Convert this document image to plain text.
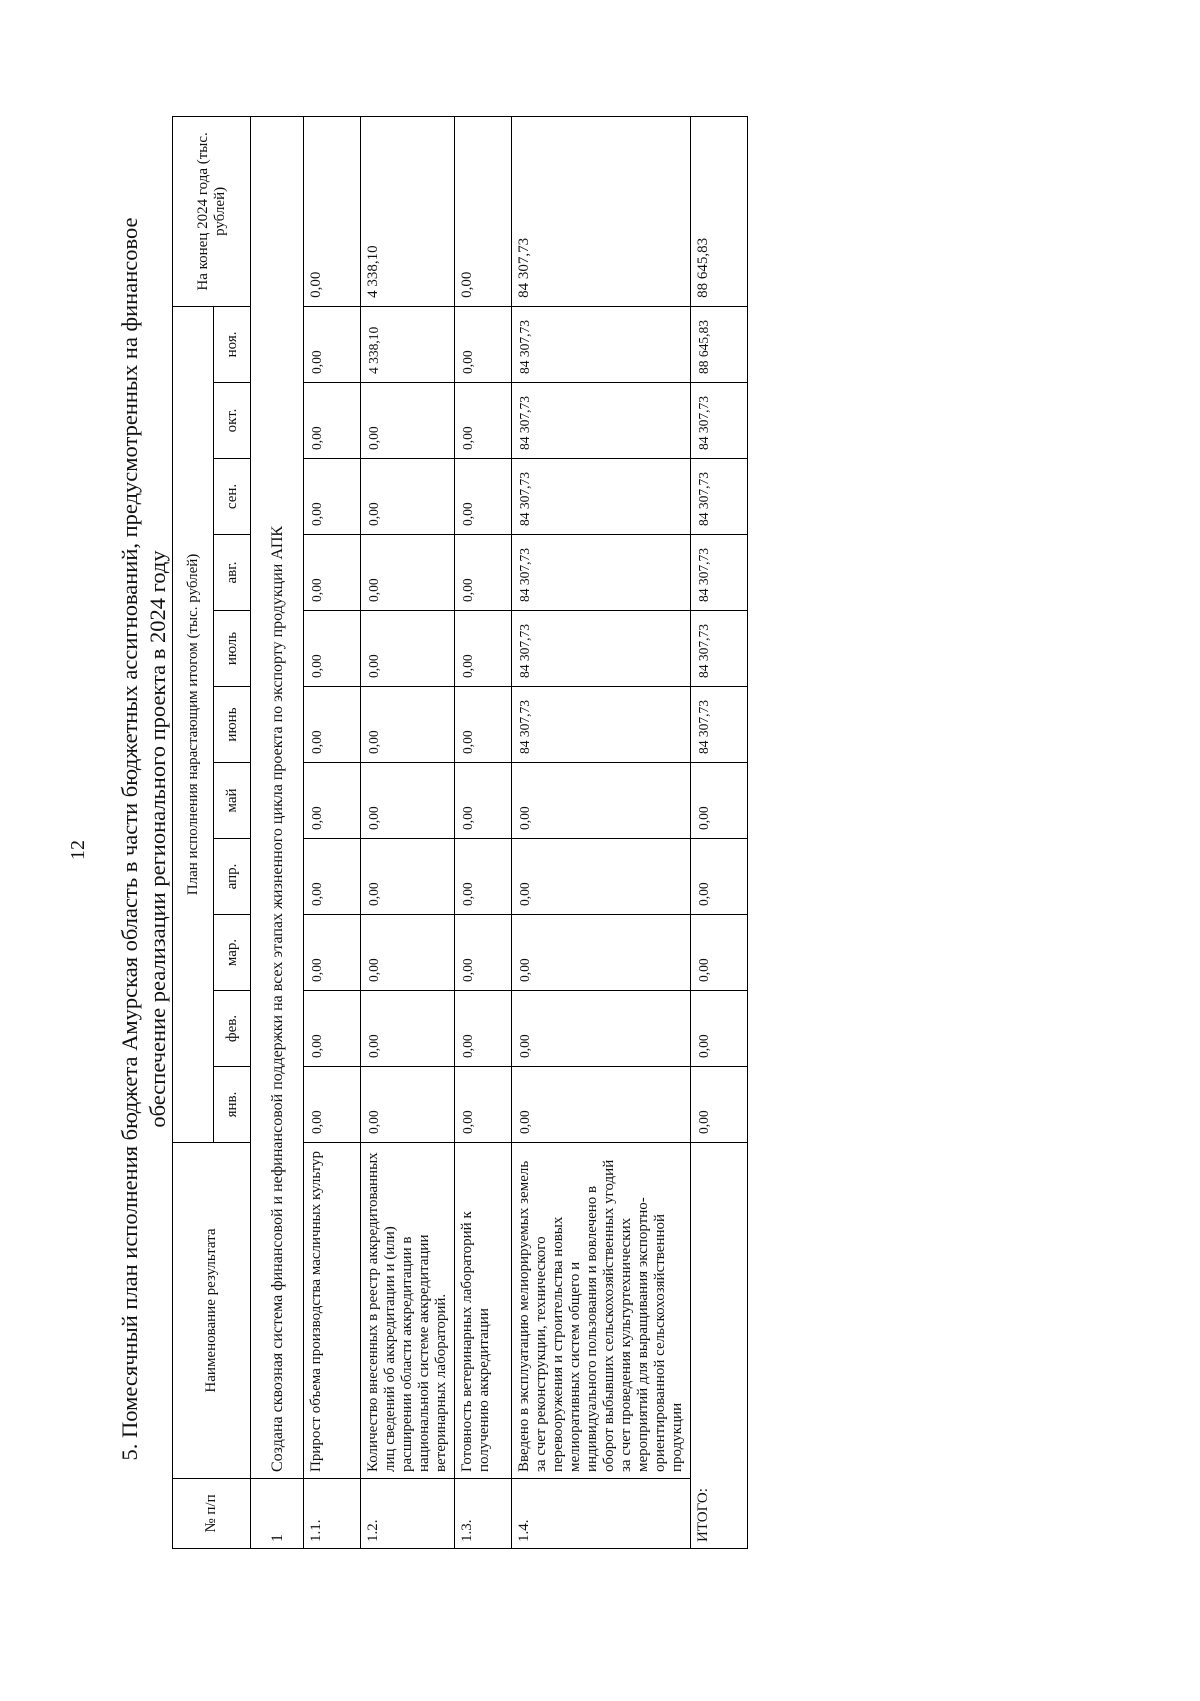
12 5. Помесячный план исполнения бюджета Амурская область в части бюджетных ассигнований, предусмотренных на финансовое обеспечение реализации регионального проекта в 2024 году
№ п/п	Наименование результата	План исполнения нарастающим итогом (тыс. рублей)											На конец 2024 года (тыс. рублей)
		янв.	фев.	мар.	апр.	май	июнь	июль	авг.	сен.	окт.	ноя.	
1	Создана сквозная система финансовой и нефинансовой поддержки на всех этапах жизненного цикла проекта по экспорту продукции АПК												
1.1.	Прирост объема производства масличных культур	0,00	0,00	0,00	0,00	0,00	0,00	0,00	0,00	0,00	0,00	0,00	0,00
1.2.	Количество внесенных в реестр аккредитованных лиц сведений об аккредитации и (или) расширении области аккредитации в национальной системе аккредитации ветеринарных лабораторий.	0,00	0,00	0,00	0,00	0,00	0,00	0,00	0,00	0,00	0,00	4 338,10	4 338,10
1.3.	Готовность ветеринарных лабораторий к получению аккредитации	0,00	0,00	0,00	0,00	0,00	0,00	0,00	0,00	0,00	0,00	0,00	0,00
1.4.	Введено в эксплуатацию мелиорируемых земель за счет реконструкции, технического перевооружения и строительства новых мелиоративных систем общего и индивидуального пользования и вовлечено в оборот выбывших сельскохозяйственных угодий за счет проведения культуртехнических мероприятий для выращивания экспортно-ориентированной сельскохозяйственной продукции	0,00	0,00	0,00	0,00	0,00	84 307,73	84 307,73	84 307,73	84 307,73	84 307,73	84 307,73	84 307,73
ИТОГО:		0,00	0,00	0,00	0,00	0,00	84 307,73	84 307,73	84 307,73	84 307,73	84 307,73	88 645,83	88 645,83
